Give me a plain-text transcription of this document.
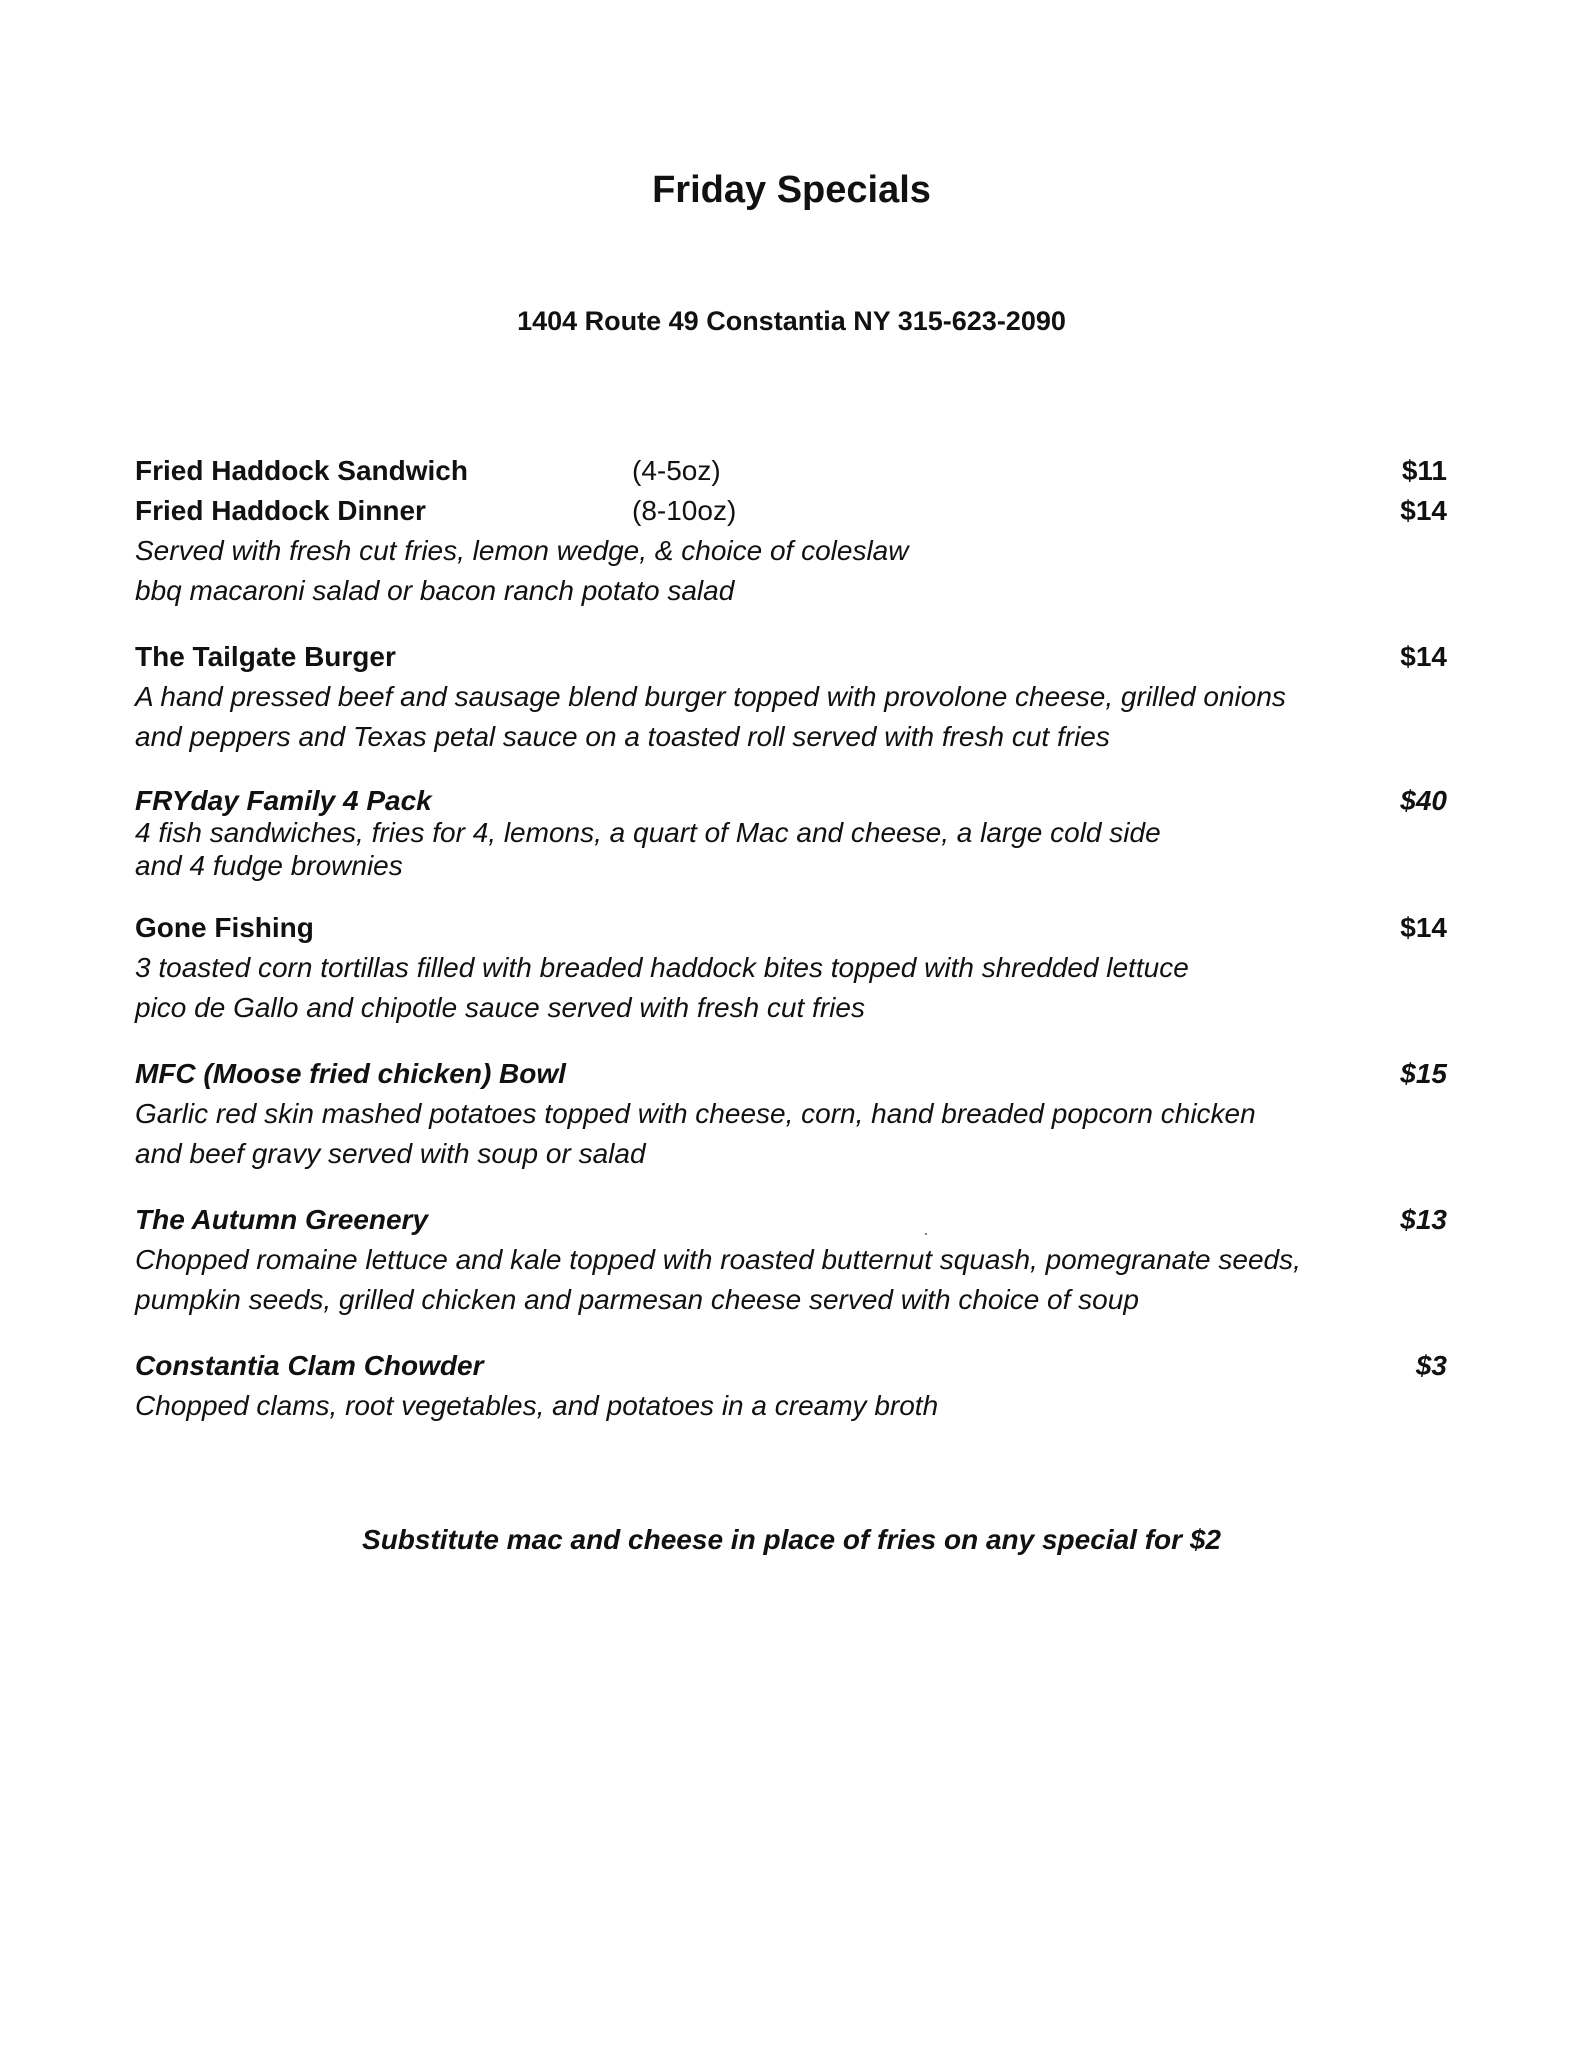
Friday Specials
1404 Route 49 Constantia NY 315-623-2090
Fried Haddock Sandwich	(4-5oz)	$11
Fried Haddock Dinner	(8-10oz)	$14
Served with fresh cut fries, lemon wedge, & choice of coleslaw
bbq macaroni salad or bacon ranch potato salad
The Tailgate Burger	$14
A hand pressed beef and sausage blend burger topped with provolone cheese, grilled onions
and peppers and Texas petal sauce on a toasted roll served with fresh cut fries
FRYday Family 4 Pack	$40
4 fish sandwiches, fries for 4, lemons, a quart of Mac and cheese, a large cold side
and 4 fudge brownies
Gone Fishing	$14
3 toasted corn tortillas filled with breaded haddock bites topped with shredded lettuce
pico de Gallo and chipotle sauce served with fresh cut fries
MFC (Moose fried chicken) Bowl	$15
Garlic red skin mashed potatoes topped with cheese, corn, hand breaded popcorn chicken
and beef gravy served with soup or salad
The Autumn Greenery	$13
Chopped romaine lettuce and kale topped with roasted butternut squash, pomegranate seeds,
pumpkin seeds, grilled chicken and parmesan cheese served with choice of soup
Constantia Clam Chowder	$3
Chopped clams, root vegetables, and potatoes in a creamy broth
Substitute mac and cheese in place of fries on any special for $2
